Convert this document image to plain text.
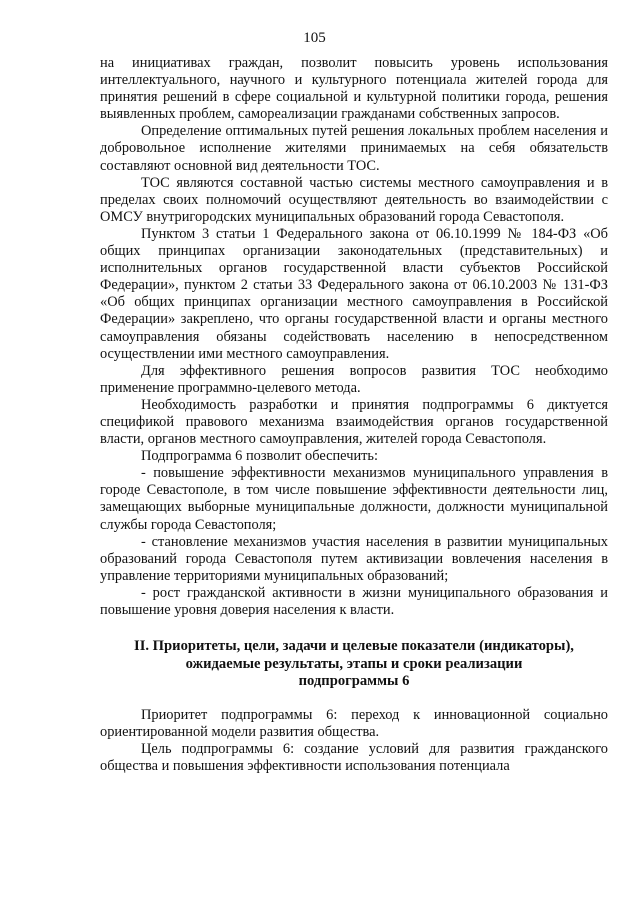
105

на инициативах граждан, позволит повысить уровень использования интеллектуального, научного и культурного потенциала жителей города для принятия решений в сфере социальной и культурной политики города, решения выявленных проблем, самореализации гражданами собственных запросов.

Определение оптимальных путей решения локальных проблем населения и добровольное исполнение жителями принимаемых на себя обязательств составляют основной вид деятельности ТОС.

ТОС являются составной частью системы местного самоуправления и в пределах своих полномочий осуществляют деятельность во взаимодействии с ОМСУ внутригородских муниципальных образований города Севастополя.

Пунктом 3 статьи 1 Федерального закона от 06.10.1999 № 184-ФЗ «Об общих принципах организации законодательных (представительных) и исполнительных органов государственной власти субъектов Российской Федерации», пунктом 2 статьи 33 Федерального закона от 06.10.2003 № 131-ФЗ «Об общих принципах организации местного самоуправления в Российской Федерации» закреплено, что органы государственной власти и органы местного самоуправления обязаны содействовать населению в непосредственном осуществлении ими местного самоуправления.

Для эффективного решения вопросов развития ТОС необходимо применение программно-целевого метода.

Необходимость разработки и принятия подпрограммы 6 диктуется спецификой правового механизма взаимодействия органов государственной власти, органов местного самоуправления, жителей города Севастополя.

Подпрограмма 6 позволит обеспечить:

- повышение эффективности механизмов муниципального управления в городе Севастополе, в том числе повышение эффективности деятельности лиц, замещающих выборные муниципальные должности, должности муниципальной службы города Севастополя;

- становление механизмов участия населения в развитии муниципальных образований города Севастополя путем активизации вовлечения населения в управление территориями муниципальных образований;

- рост гражданской активности в жизни муниципального образования и повышение уровня доверия населения к власти.

II. Приоритеты, цели, задачи и целевые показатели (индикаторы),
ожидаемые результаты, этапы и сроки реализации
подпрограммы 6

Приоритет подпрограммы 6: переход к инновационной социально ориентированной модели развития общества.

Цель подпрограммы 6: создание условий для развития гражданского общества и повышения эффективности использования потенциала
